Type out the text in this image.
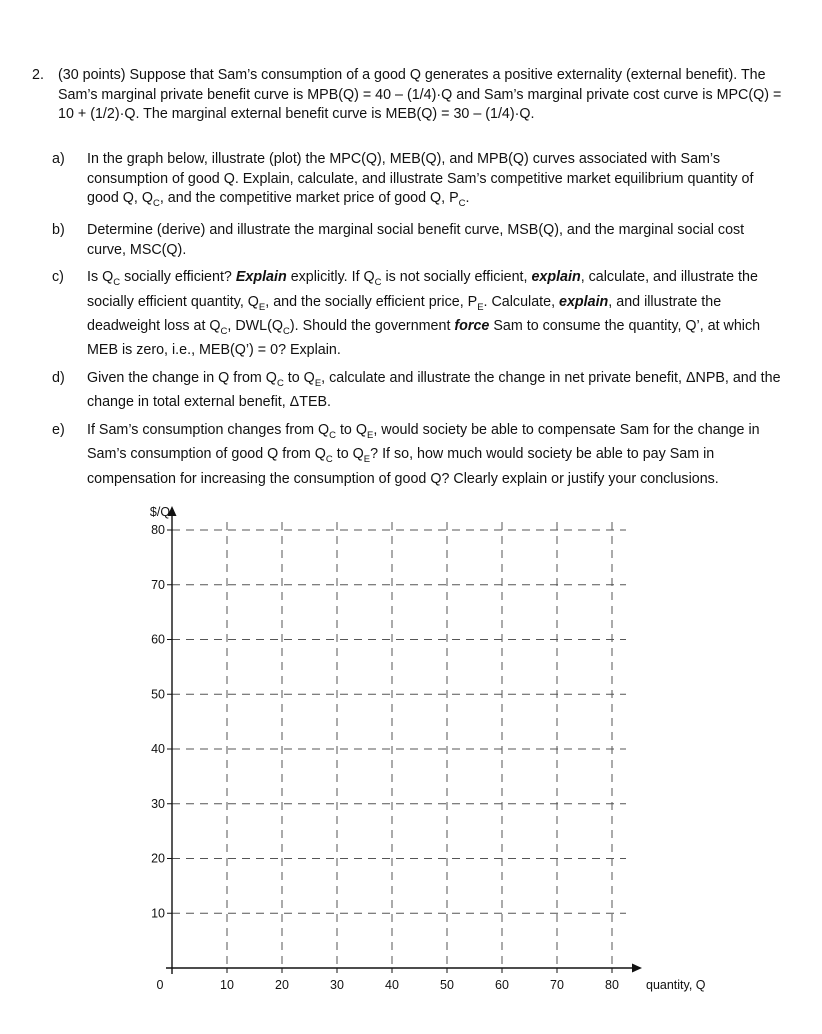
2. (30 points) Suppose that Sam’s consumption of a good Q generates a positive externality (external benefit). The Sam’s marginal private benefit curve is MPB(Q) = 40 – (1/4)·Q and Sam’s marginal private cost curve is MPC(Q) = 10 + (1/2)·Q. The marginal external benefit curve is MEB(Q) = 30 – (1/4)·Q.
a) In the graph below, illustrate (plot) the MPC(Q), MEB(Q), and MPB(Q) curves associated with Sam’s consumption of good Q. Explain, calculate, and illustrate Sam’s competitive market equilibrium quantity of good Q, $Q_C$, and the competitive market price of good Q, $P_C$.
b) Determine (derive) and illustrate the marginal social benefit curve, MSB(Q), and the marginal social cost curve, MSC(Q).
c) Is $Q_C$ socially efficient? Explain explicitly. If $Q_C$ is not socially efficient, explain, calculate, and illustrate the socially efficient quantity, $Q_E$, and the socially efficient price, $P_E$. Calculate, explain, and illustrate the deadweight loss at $Q_C$, $DWL(Q_C)$. Should the government force Sam to consume the quantity, Q’, at which MEB is zero, i.e., MEB(Q’) = 0? Explain.
d) Given the change in Q from $Q_C$ to $Q_E$, calculate and illustrate the change in net private benefit, ΔNPB, and the change in total external benefit, ΔTEB.
e) If Sam’s consumption changes from $Q_C$ to $Q_E$, would society be able to compensate Sam for the change in Sam’s consumption of good Q from $Q_C$ to $Q_E$? If so, how much would society be able to pay Sam in compensation for increasing the consumption of good Q? Clearly explain or justify your conclusions.
10
20
30
40
50
60
70
80
10	20	30	40	50	60	70	80
0
$/Q
quantity, Q
